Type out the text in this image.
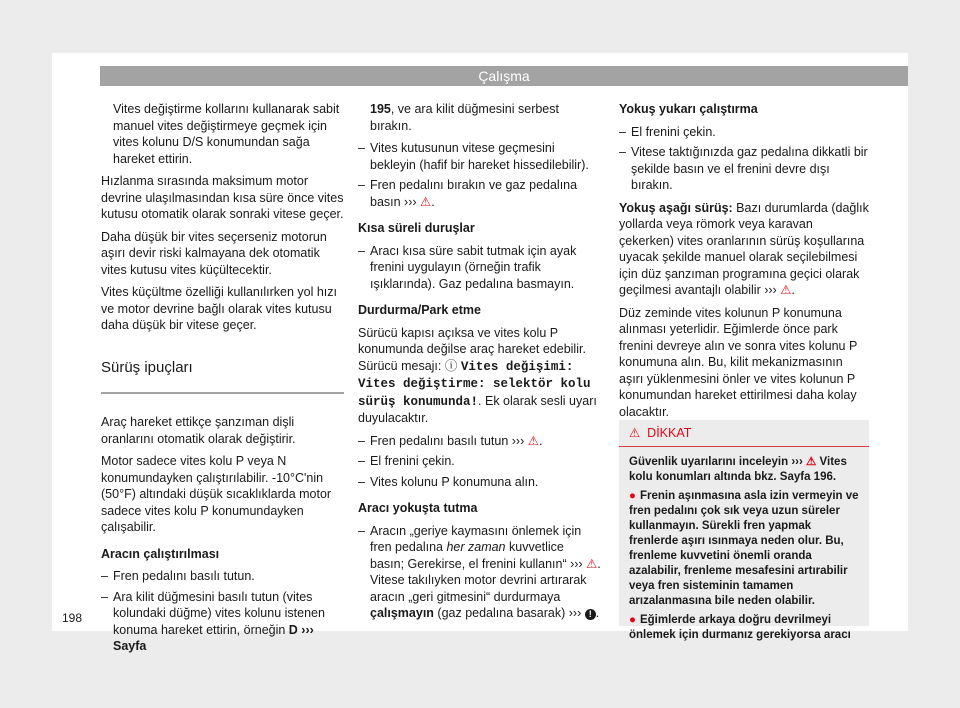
Çalışma

Vites değiştirme kollarını kullanarak sabit manuel vites değiştirmeye geçmek için vites kolunu D/S konumundan sağa hareket ettirin.

Hızlanma sırasında maksimum motor devrine ulaşılmasından kısa süre önce vites kutusu otomatik olarak sonraki vitese geçer.

Daha düşük bir vites seçerseniz motorun aşırı devir riski kalmayana dek otomatik vites kutusu vites küçültecektir.

Vites küçültme özelliği kullanılırken yol hızı ve motor devrine bağlı olarak vites kutusu daha düşük bir vitese geçer.

Sürüş ipuçları

Araç hareket ettikçe şanzıman dişli oranlarını otomatik olarak değiştirir.

Motor sadece vites kolu P veya N konumundayken çalıştırılabilir. -10°C'nin (50°F) altındaki düşük sıcaklıklarda motor sadece vites kolu P konumundayken çalışabilir.

Aracın çalıştırılması
– Fren pedalını basılı tutun.
– Ara kilit düğmesini basılı tutun (vites kolundaki düğme) vites kolunu istenen konuma hareket ettirin, örneğin D ››› Sayfa

195, ve ara kilit düğmesini serbest bırakın.

– Vites kutusunun vitese geçmesini bekleyin (hafif bir hareket hissedilebilir).
– Fren pedalını bırakın ve gaz pedalına basın ››› ⚠.
Kısa süreli duruşlar
– Aracı kısa süre sabit tutmak için ayak frenini uygulayın (örneğin trafik ışıklarında). Gaz pedalına basmayın.
Durdurma/Park etme

Sürücü kapısı açıksa ve vites kolu P konumunda değilse araç hareket edebilir. Sürücü mesajı: ⓘ Vites değişimi: Vites değiştirme: selektör kolu sürüş konumunda!. Ek olarak sesli uyarı duyulacaktır.

– Fren pedalını basılı tutun ››› ⚠.
– El frenini çekin.
– Vites kolunu P konumuna alın.
Aracı yokuşta tutma
– Aracın „geriye kaymasını önlemek için fren pedalına her zaman kuvvetlice basın; Gerekirse, el frenini kullanın“ ››› ⚠. Vitese takılıyken motor devrini artırarak aracın „geri gitmesini“ durdurmaya çalışmayın (gaz pedalına basarak) ››› ! .
Yokuş yukarı çalıştırma
– El frenini çekin.
– Vitese taktığınızda gaz pedalına dikkatli bir şekilde basın ve el frenini devre dışı bırakın.

Yokuş aşağı sürüş: Bazı durumlarda (dağlık yollarda veya römork veya karavan çekerken) vites oranlarının sürüş koşullarına uyacak şekilde manuel olarak seçilebilmesi için düz şanzıman programına geçici olarak geçilmesi avantajlı olabilir ››› ⚠.

Düz zeminde vites kolunun P konumuna alınması yeterlidir. Eğimlerde önce park frenini devreye alın ve sonra vites kolunu P konumuna alın. Bu, kilit mekanizmasının aşırı yüklenmesini önler ve vites kolunun P konumundan hareket ettirilmesi daha kolay olacaktır.

⚠ DİKKAT

Güvenlik uyarılarını inceleyin ››› ⚠ Vites kolu konumları altında bkz. Sayfa 196.

● Frenin aşınmasına asla izin vermeyin ve fren pedalını çok sık veya uzun süreler kullanmayın. Sürekli fren yapmak frenlerde aşırı ısınmaya neden olur. Bu, frenleme kuvvetini önemli oranda azalabilir, frenleme mesafesini artırabilir veya fren sisteminin tamamen arızalanmasına bile neden olabilir.

● Eğimlerde arkaya doğru devrilmeyi önlemek için durmanız gerekiyorsa aracı

198
